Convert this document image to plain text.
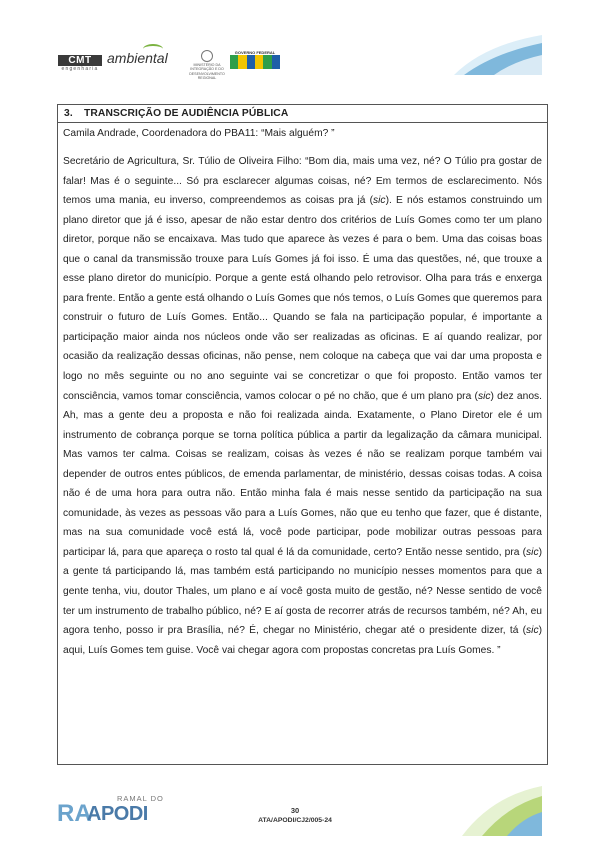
CMT
engenharia
ambiental	MINISTÉRIO DA INTEGRAÇÃO E DO DESENVOLVIMENTO REGIONAL
GOVERNO FEDERAL
3. TRANSCRIÇÃO DE AUDIÊNCIA PÚBLICA

Camila Andrade, Coordenadora do PBA11: “Mais alguém? ”

Secretário de Agricultura, Sr. Túlio de Oliveira Filho: “Bom dia, mais uma vez, né? O Túlio pra gostar de falar! Mas é o seguinte... Só pra esclarecer algumas coisas, né? Em termos de esclarecimento. Nós temos uma mania, eu inverso, compreendemos as coisas pra já (sic). E nós estamos construindo um plano diretor que já é isso, apesar de não estar dentro dos critérios de Luís Gomes como ter um plano diretor, porque não se encaixava. Mas tudo que aparece às vezes é para o bem. Uma das coisas boas que o canal da transmissão trouxe para Luís Gomes já foi isso. É uma das questões, né, que trouxe a esse plano diretor do município. Porque a gente está olhando pelo retrovisor. Olha para trás e enxerga para frente. Então a gente está olhando o Luís Gomes que nós temos, o Luís Gomes que queremos para construir o futuro de Luís Gomes. Então... Quando se fala na participação popular, é importante a participação maior ainda nos núcleos onde vão ser realizadas as oficinas. E aí quando realizar, por ocasião da realização dessas oficinas, não pense, nem coloque na cabeça que vai dar uma proposta e logo no mês seguinte ou no ano seguinte vai se concretizar o que foi proposto. Então vamos ter consciência, vamos tomar consciência, vamos colocar o pé no chão, que é um plano pra (sic) dez anos. Ah, mas a gente deu a proposta e não foi realizada ainda. Exatamente, o Plano Diretor ele é um instrumento de cobrança porque se torna política pública a partir da legalização da câmara municipal. Mas vamos ter calma. Coisas se realizam, coisas às vezes é não se realizam porque também vai depender de outros entes públicos, de emenda parlamentar, de ministério, dessas coisas todas. A coisa não é de uma hora para outra não. Então minha fala é mais nesse sentido da participação na sua comunidade, às vezes as pessoas vão para a Luís Gomes, não que eu tenho que fazer, que é distante, mas na sua comunidade você está lá, você pode participar, pode mobilizar outras pessoas para participar lá, para que apareça o rosto tal qual é lá da comunidade, certo? Então nesse sentido, pra (sic) a gente tá participando lá, mas também está participando no município nesses momentos para que a gente tenha, viu, doutor Thales, um plano e aí você gosta muito de gestão, né? Nesse sentido de você ter um instrumento de trabalho público, né? E aí gosta de recorrer atrás de recursos também, né? Ah, eu agora tenho, posso ir pra Brasília, né? É, chegar no Ministério, chegar até o presidente dizer, tá (sic) aqui, Luís Gomes tem guise. Você vai chegar agora com propostas concretas pra Luís Gomes. ”

RA
RAMAL DO
APODI	30
ATA/APODI/CJ2/005-24
